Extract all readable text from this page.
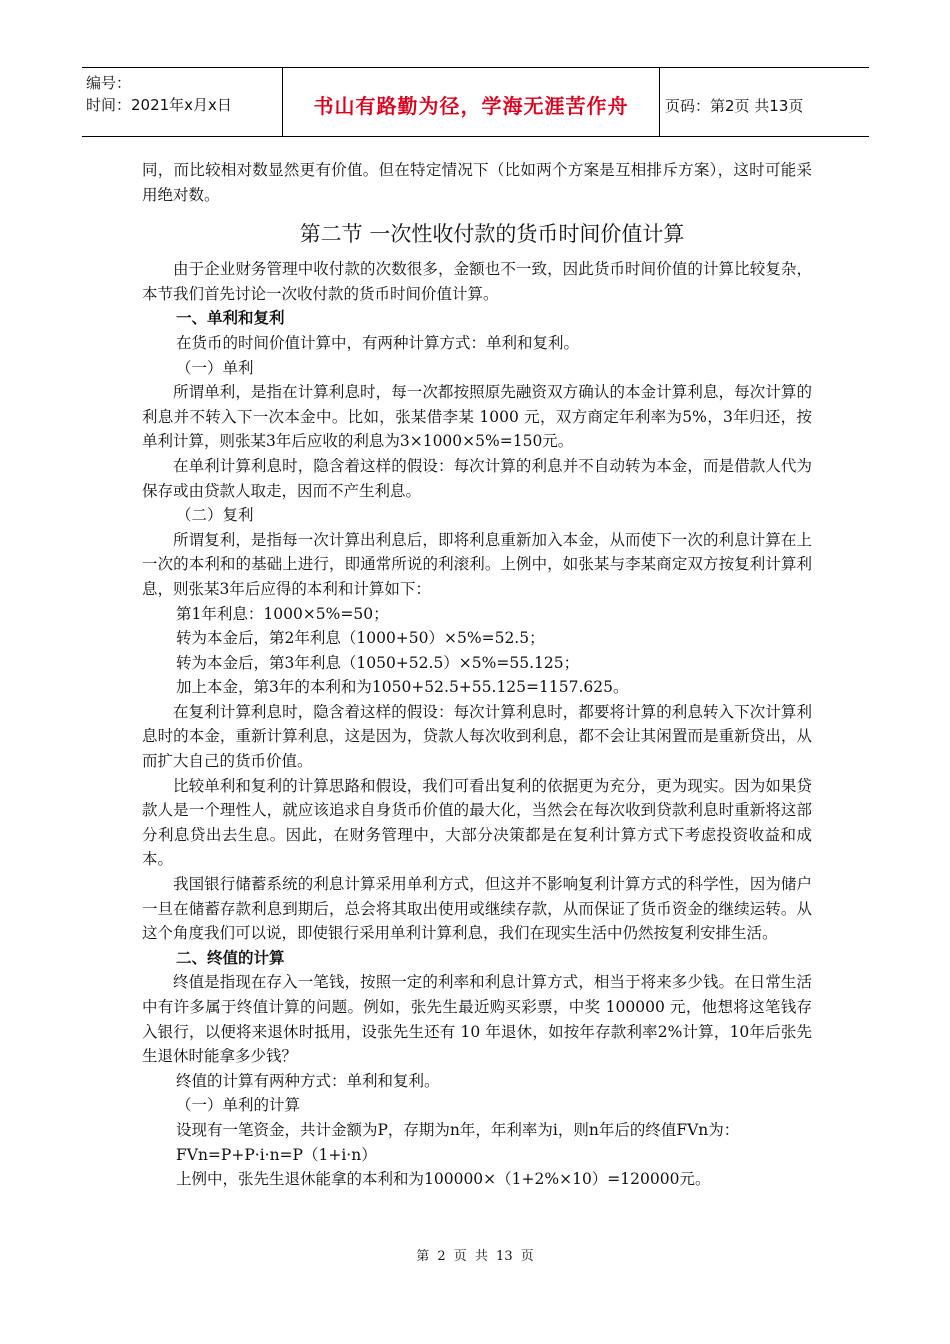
编号：
时间：2021年x月x日	书山有路勤为径，学海无涯苦作舟	页码：第2页 共13页

同，而比较相对数显然更有价值。但在特定情况下（比如两个方案是互相排斥方案），这时可能采用绝对数。

第二节 一次性收付款的货币时间价值计算

由于企业财务管理中收付款的次数很多，金额也不一致，因此货币时间价值的计算比较复杂，本节我们首先讨论一次收付款的货币时间价值计算。

一、单利和复利

在货币的时间价值计算中，有两种计算方式：单利和复利。

（一）单利

所谓单利，是指在计算利息时，每一次都按照原先融资双方确认的本金计算利息，每次计算的利息并不转入下一次本金中。比如，张某借李某 1000 元，双方商定年利率为5%，3年归还，按单利计算，则张某3年后应收的利息为3×1000×5%=150元。

在单利计算利息时，隐含着这样的假设：每次计算的利息并不自动转为本金，而是借款人代为保存或由贷款人取走，因而不产生利息。

（二）复利

所谓复利，是指每一次计算出利息后，即将利息重新加入本金，从而使下一次的利息计算在上一次的本利和的基础上进行，即通常所说的利滚利。上例中，如张某与李某商定双方按复利计算利息，则张某3年后应得的本利和计算如下：

第1年利息：1000×5%=50；

转为本金后，第2年利息（1000+50）×5%=52.5；

转为本金后，第3年利息（1050+52.5）×5%=55.125；

加上本金，第3年的本利和为1050+52.5+55.125=1157.625。

在复利计算利息时，隐含着这样的假设：每次计算利息时，都要将计算的利息转入下次计算利息时的本金，重新计算利息，这是因为，贷款人每次收到利息，都不会让其闲置而是重新贷出，从而扩大自己的货币价值。

比较单利和复利的计算思路和假设，我们可看出复利的依据更为充分，更为现实。因为如果贷款人是一个理性人，就应该追求自身货币价值的最大化，当然会在每次收到贷款利息时重新将这部分利息贷出去生息。因此，在财务管理中，大部分决策都是在复利计算方式下考虑投资收益和成本。

我国银行储蓄系统的利息计算采用单利方式，但这并不影响复利计算方式的科学性，因为储户一旦在储蓄存款利息到期后，总会将其取出使用或继续存款，从而保证了货币资金的继续运转。从这个角度我们可以说，即使银行采用单利计算利息，我们在现实生活中仍然按复利安排生活。

二、终值的计算

终值是指现在存入一笔钱，按照一定的利率和利息计算方式，相当于将来多少钱。在日常生活中有许多属于终值计算的问题。例如，张先生最近购买彩票，中奖 100000 元，他想将这笔钱存入银行，以便将来退休时抵用，设张先生还有 10 年退休，如按年存款利率2%计算，10年后张先生退休时能拿多少钱？

终值的计算有两种方式：单利和复利。

（一）单利的计算

设现有一笔资金，共计金额为P，存期为n年，年利率为i，则n年后的终值FVn为：

FVn=P+P·i·n=P（1+i·n）

上例中，张先生退休能拿的本利和为100000×（1+2%×10）=120000元。

第 2 页 共 13 页
